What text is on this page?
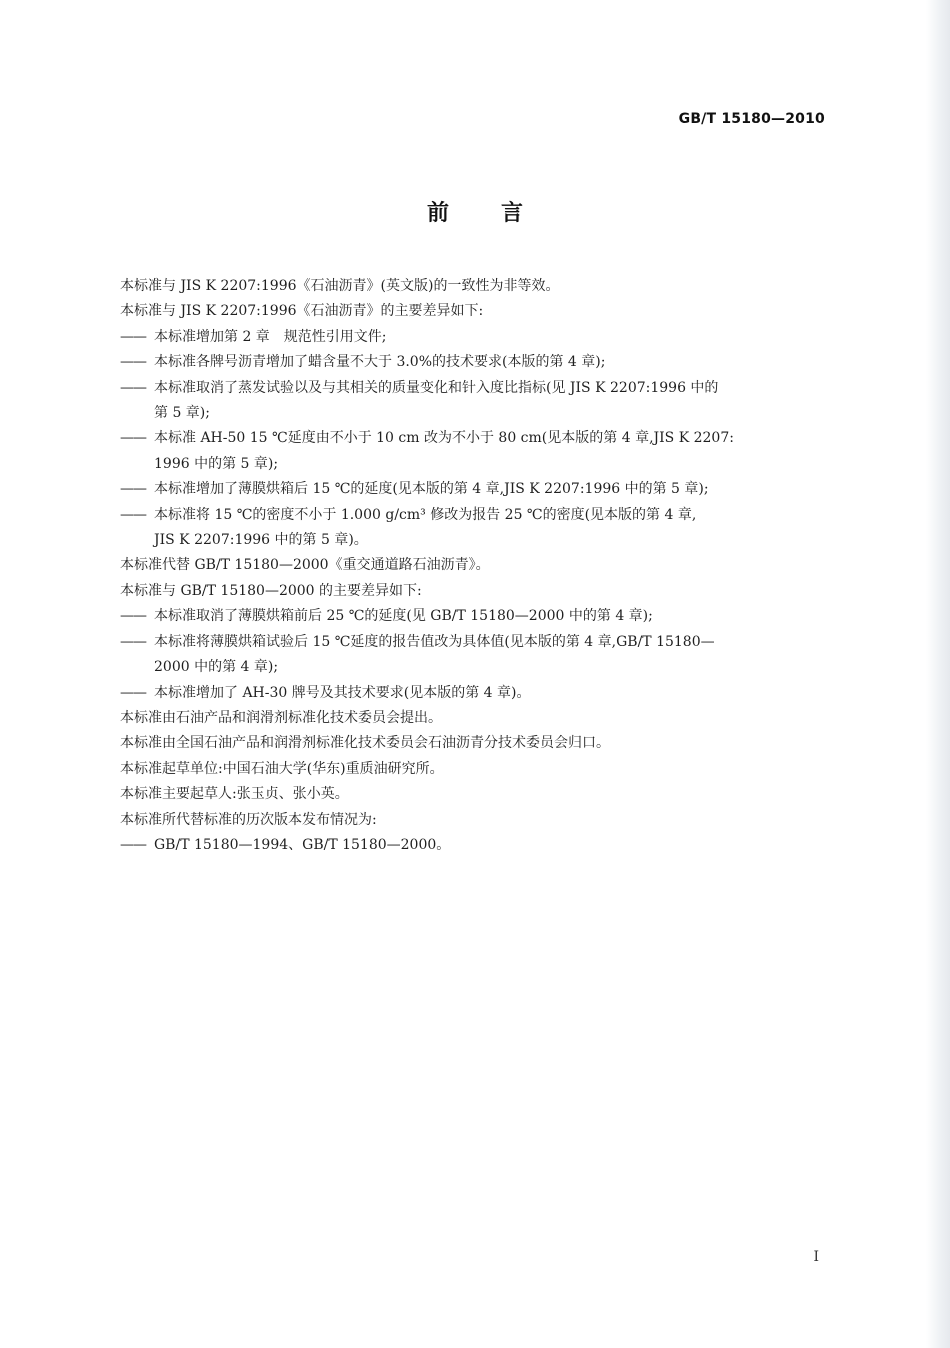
GB/T 15180—2010
前言

本标准与 JIS K 2207:1996《石油沥青》(英文版)的一致性为非等效。

本标准与 JIS K 2207:1996《石油沥青》的主要差异如下:

—— 本标准增加第 2 章　规范性引用文件;

—— 本标准各牌号沥青增加了蜡含量不大于 3.0%的技术要求(本版的第 4 章);

—— 本标准取消了蒸发试验以及与其相关的质量变化和针入度比指标(见 JIS K 2207:1996 中的
第 5 章);

—— 本标准 AH-50 15 ℃延度由不小于 10 cm 改为不小于 80 cm(见本版的第 4 章,JIS K 2207:
1996 中的第 5 章);

—— 本标准增加了薄膜烘箱后 15 ℃的延度(见本版的第 4 章,JIS K 2207:1996 中的第 5 章);

—— 本标准将 15 ℃的密度不小于 1.000 g/cm³ 修改为报告 25 ℃的密度(见本版的第 4 章,
JIS K 2207:1996 中的第 5 章)。

本标准代替 GB/T 15180—2000《重交通道路石油沥青》。

本标准与 GB/T 15180—2000 的主要差异如下:

—— 本标准取消了薄膜烘箱前后 25 ℃的延度(见 GB/T 15180—2000 中的第 4 章);

—— 本标准将薄膜烘箱试验后 15 ℃延度的报告值改为具体值(见本版的第 4 章,GB/T 15180—
2000 中的第 4 章);

—— 本标准增加了 AH-30 牌号及其技术要求(见本版的第 4 章)。

本标准由石油产品和润滑剂标准化技术委员会提出。

本标准由全国石油产品和润滑剂标准化技术委员会石油沥青分技术委员会归口。

本标准起草单位:中国石油大学(华东)重质油研究所。

本标准主要起草人:张玉贞、张小英。

本标准所代替标准的历次版本发布情况为:

—— GB/T 15180—1994、GB/T 15180—2000。

I
